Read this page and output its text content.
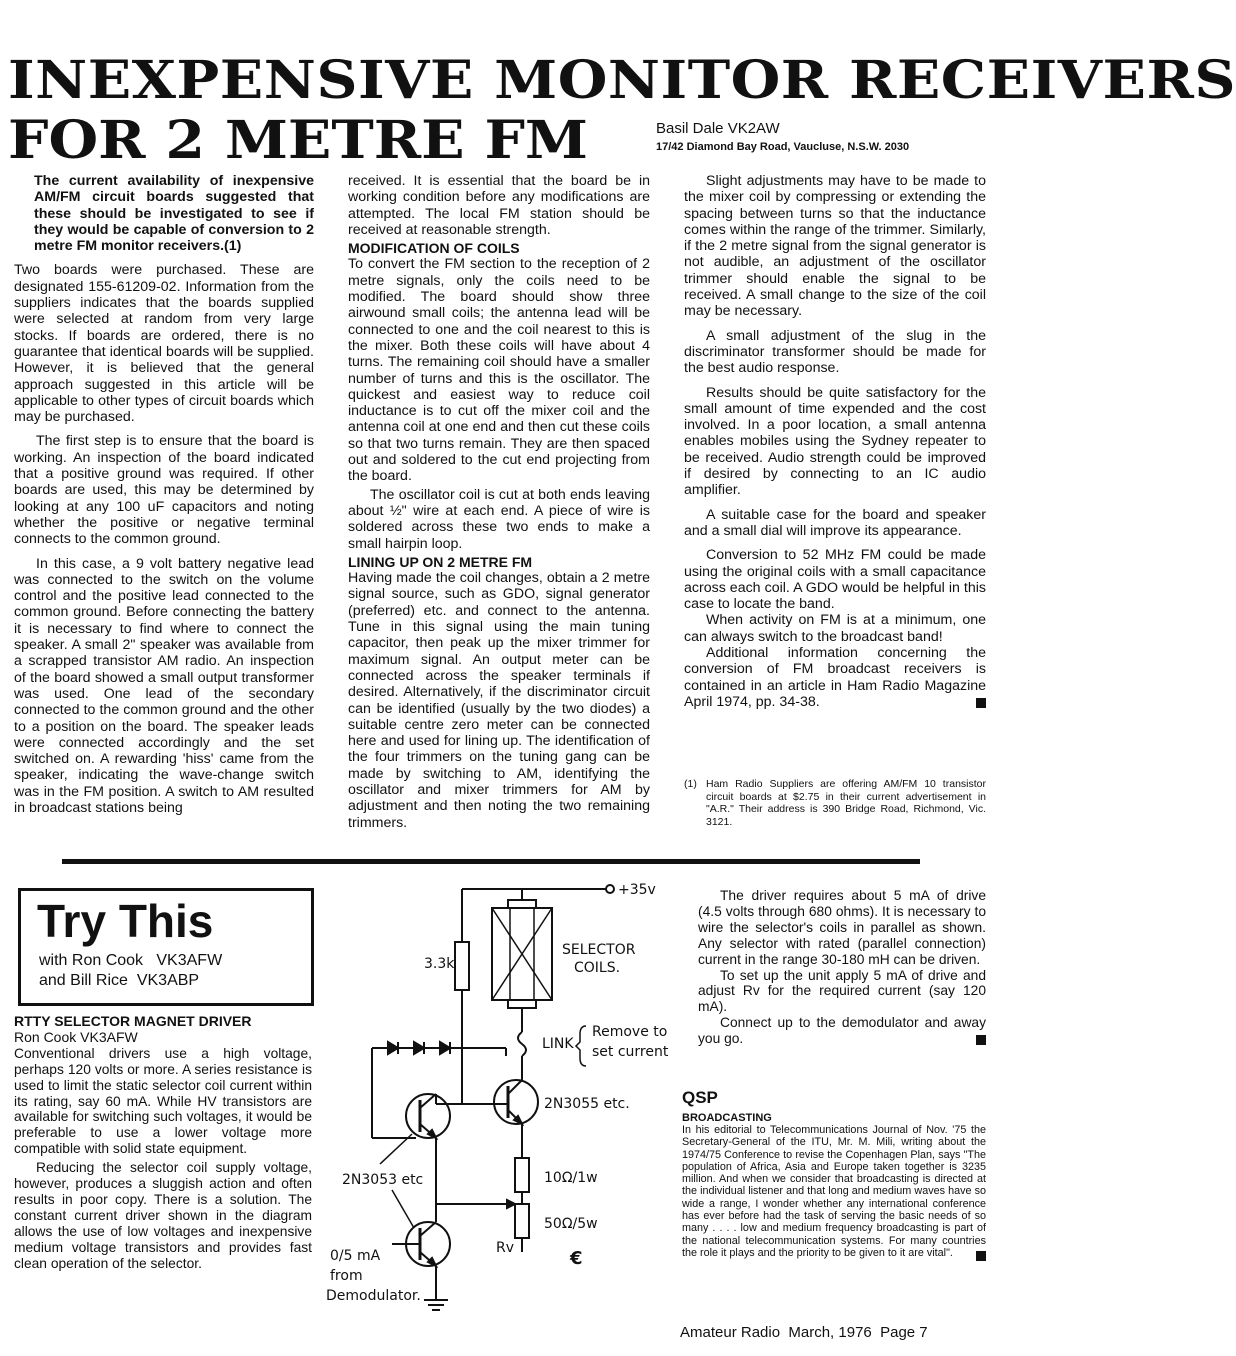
INEXPENSIVE MONITOR RECEIVERS
FOR 2 METRE FM	Basil Dale VK2AW
17/42 Diamond Bay Road, Vaucluse, N.S.W. 2030

The current availability of inexpensive AM/FM circuit boards suggested that these should be investigated to see if they would be capable of conversion to 2 metre FM monitor receivers.(1)

Two boards were purchased. These are designated 155-61209-02. Information from the suppliers indicates that the boards supplied were selected at random from very large stocks. If boards are ordered, there is no guarantee that identical boards will be supplied. However, it is believed that the general approach suggested in this article will be applicable to other types of circuit boards which may be purchased.

The first step is to ensure that the board is working. An inspection of the board indicated that a positive ground was required. If other boards are used, this may be determined by looking at any 100 uF capacitors and noting whether the positive or negative terminal connects to the common ground.

In this case, a 9 volt battery negative lead was connected to the switch on the volume control and the positive lead connected to the common ground. Before connecting the battery it is necessary to find where to connect the speaker. A small 2" speaker was available from a scrapped transistor AM radio. An inspection of the board showed a small output transformer was used. One lead of the secondary connected to the common ground and the other to a position on the board. The speaker leads were connected accordingly and the set switched on. A rewarding 'hiss' came from the speaker, indicating the wave-change switch was in the FM position. A switch to AM resulted in broadcast stations being

received. It is essential that the board be in working condition before any modifications are attempted. The local FM station should be received at reasonable strength.

MODIFICATION OF COILS

To convert the FM section to the reception of 2 metre signals, only the coils need to be modified. The board should show three airwound small coils; the antenna lead will be connected to one and the coil nearest to this is the mixer. Both these coils will have about 4 turns. The remaining coil should have a smaller number of turns and this is the oscillator. The quickest and easiest way to reduce coil inductance is to cut off the mixer coil and the antenna coil at one end and then cut these coils so that two turns remain. They are then spaced out and soldered to the cut end projecting from the board.

The oscillator coil is cut at both ends leaving about ½" wire at each end. A piece of wire is soldered across these two ends to make a small hairpin loop.

LINING UP ON 2 METRE FM

Having made the coil changes, obtain a 2 metre signal source, such as GDO, signal generator (preferred) etc. and connect to the antenna. Tune in this signal using the main tuning capacitor, then peak up the mixer trimmer for maximum signal. An output meter can be connected across the speaker terminals if desired. Alternatively, if the discriminator circuit can be identified (usually by the two diodes) a suitable centre zero meter can be connected here and used for lining up. The identification of the four trimmers on the tuning gang can be made by switching to AM, identifying the oscillator and mixer trimmers for AM by adjustment and then noting the two remaining trimmers.

Slight adjustments may have to be made to the mixer coil by compressing or extending the spacing between turns so that the inductance comes within the range of the trimmer. Similarly, if the 2 metre signal from the signal generator is not audible, an adjustment of the oscillator trimmer should enable the signal to be received. A small change to the size of the coil may be necessary.

A small adjustment of the slug in the discriminator transformer should be made for the best audio response.

Results should be quite satisfactory for the small amount of time expended and the cost involved. In a poor location, a small antenna enables mobiles using the Sydney repeater to be received. Audio strength could be improved if desired by connecting to an IC audio amplifier.

A suitable case for the board and speaker and a small dial will improve its appearance.

Conversion to 52 MHz FM could be made using the original coils with a small capacitance across each coil. A GDO would be helpful in this case to locate the band.

When activity on FM is at a minimum, one can always switch to the broadcast band!

Additional information concerning the conversion of FM broadcast receivers is contained in an article in Ham Radio Magazine April 1974, pp. 34-38.

(1) Ham Radio Suppliers are offering AM/FM 10 transistor circuit boards at $2.75 in their current advertisement in "A.R." Their address is 390 Bridge Road, Richmond, Vic. 3121.
Try This
with Ron Cook   VK3AFW
and Bill Rice  VK3ABP
RTTY SELECTOR MAGNET DRIVER
Ron Cook VK3AFW

Conventional drivers use a high voltage, perhaps 120 volts or more. A series resistance is used to limit the static selector coil current within its rating, say 60 mA. While HV transistors are available for switching such voltages, it would be preferable to use a lower voltage more compatible with solid state equipment.

Reducing the selector coil supply voltage, however, produces a sluggish action and often results in poor copy. There is a solution. The constant current driver shown in the diagram allows the use of low voltages and inexpensive medium voltage transistors and provides fast clean operation of the selector.

+35v
3.3k
SELECTOR
COILS.
LINK
Remove to
set current
2N3055 etc.
10Ω/1w
50Ω/5w
Rv
2N3053 etc
0/5 mA
from
Demodulator.
€

The driver requires about 5 mA of drive (4.5 volts through 680 ohms). It is necessary to wire the selector's coils in parallel as shown. Any selector with rated (parallel connection) current in the range 30-180 mH can be driven.

To set up the unit apply 5 mA of drive and adjust Rv for the required current (say 120 mA).

Connect up to the demodulator and away you go.

QSP
BROADCASTING
In his editorial to Telecommunications Journal of Nov. '75 the Secretary-General of the ITU, Mr. M. Mili, writing about the 1974/75 Conference to revise the Copenhagen Plan, says "The population of Africa, Asia and Europe taken together is 3235 million. And when we consider that broadcasting is directed at the individual listener and that long and medium waves have so wide a range, I wonder whether any international conference has ever before had the task of serving the basic needs of so many . . . . low and medium frequency broadcasting is part of the national telecommunication systems. For many countries the role it plays and the priority to be given to it are vital".
Amateur Radio  March, 1976  Page 7
